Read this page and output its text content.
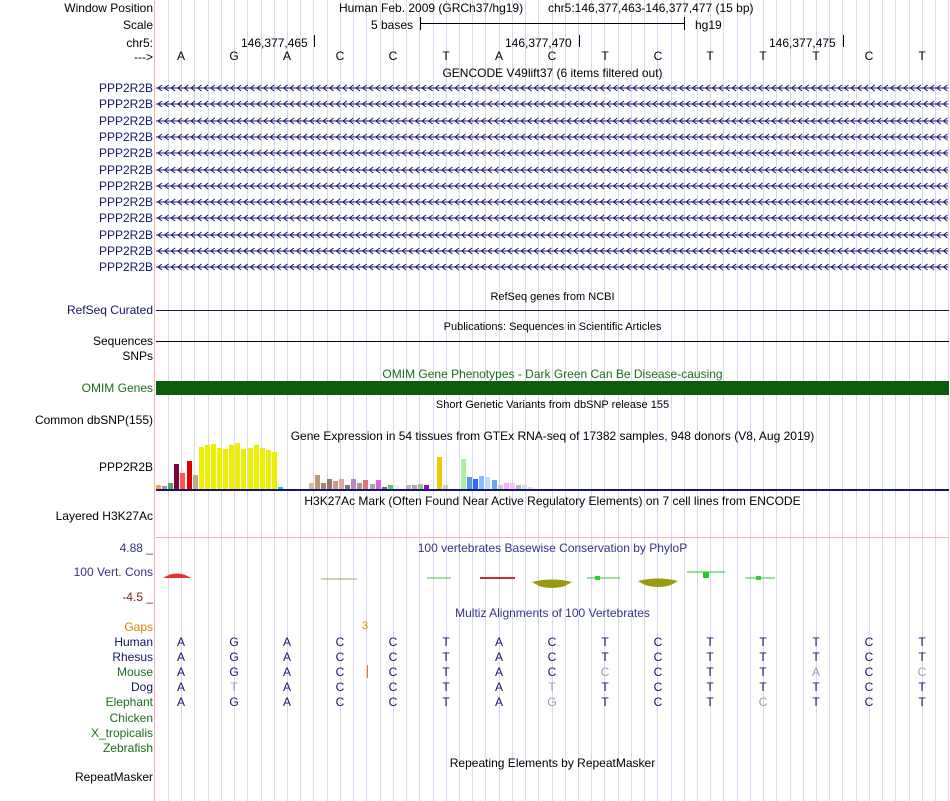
Window Position	Human Feb. 2009 (GRCh37/hg19) chr5:146,377,463-146,377,477 (15 bp)
Scale	5 bases	hg19
chr5:	146,377,465	146,377,470	146,377,475
--->	A	G	A	C	C	T	A	C	T	C	T	T	T	C	T
GENCODE V49lift37 (6 items filtered out)
PPP2R2B
PPP2R2B
PPP2R2B
PPP2R2B
PPP2R2B
PPP2R2B
PPP2R2B
PPP2R2B
PPP2R2B
PPP2R2B
PPP2R2B
PPP2R2B
RefSeq genes from NCBI
RefSeq Curated
Publications: Sequences in Scientific Articles
Sequences
SNPs
OMIM Gene Phenotypes - Dark Green Can Be Disease-causing
OMIM Genes
Short Genetic Variants from dbSNP release 155
Common dbSNP(155)
Gene Expression in 54 tissues from GTEx RNA-seq of 17382 samples, 948 donors (V8, Aug 2019)
PPP2R2B
H3K27Ac Mark (Often Found Near Active Regulatory Elements) on 7 cell lines from ENCODE
Layered H3K27Ac
100 vertebrates Basewise Conservation by PhyloP
4.88 _
100 Vert. Cons
-4.5 _
Multiz Alignments of 100 Vertebrates
Gaps	3
Human	A	G	A	C	C	T	A	C	T	C	T	T	T	C	T
Rhesus	A	G	A	C	C	T	A	C	T	C	T	T	T	C	T
Mouse	A	G	A	C	C	T	A	C	C	C	T	T	A	C	C
Dog	A	T	A	C	C	T	A	T	T	C	T	T	T	C	T
Elephant	A	G	A	C	C	T	A	G	T	C	T	C	T	C	T
Chicken
X_tropicalis
Zebrafish
Repeating Elements by RepeatMasker
RepeatMasker
